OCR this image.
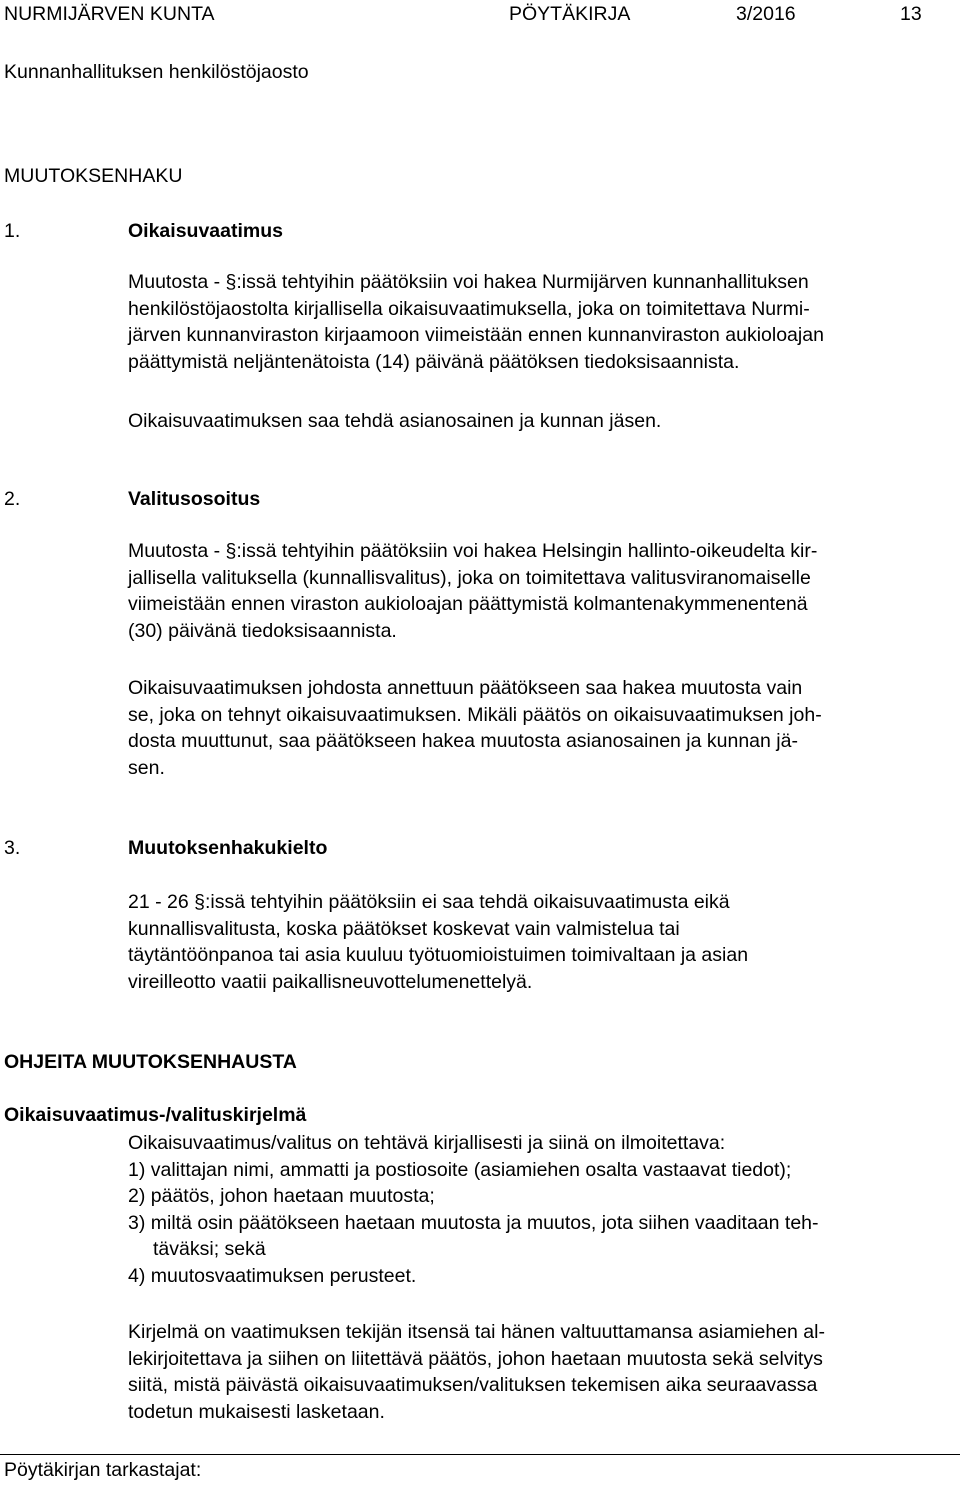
NURMIJÄRVEN KUNTA	PÖYTÄKIRJA	3/2016	13
Kunnanhallituksen henkilöstöjaosto
MUUTOKSENHAKU
1.	Oikaisuvaatimus
Muutosta - §:issä tehtyihin päätöksiin voi hakea Nurmijärven kunnanhallituksen
henkilöstöjaostolta kirjallisella oikaisuvaatimuksella, joka on toimitettava Nurmi-
järven kunnanviraston kirjaamoon viimeistään ennen kunnanviraston aukioloajan
päättymistä neljäntenätoista (14) päivänä päätöksen tiedoksisaannista.
Oikaisuvaatimuksen saa tehdä asianosainen ja kunnan jäsen.
2.	Valitusosoitus
Muutosta - §:issä tehtyihin päätöksiin voi hakea Helsingin hallinto-oikeudelta kir-
jallisella valituksella (kunnallisvalitus), joka on toimitettava valitusviranomaiselle
viimeistään ennen viraston aukioloajan päättymistä kolmantenakymmenentenä
(30) päivänä tiedoksisaannista.
Oikaisuvaatimuksen johdosta annettuun päätökseen saa hakea muutosta vain
se, joka on tehnyt oikaisuvaatimuksen. Mikäli päätös on oikaisuvaatimuksen joh-
dosta muuttunut, saa päätökseen hakea muutosta asianosainen ja kunnan jä-
sen.
3.	Muutoksenhakukielto
21 - 26 §:issä tehtyihin päätöksiin ei saa tehdä oikaisuvaatimusta eikä
kunnallisvalitusta, koska päätökset koskevat vain valmistelua tai
täytäntöönpanoa tai asia kuuluu työtuomioistuimen toimivaltaan ja asian
vireilleotto vaatii paikallisneuvottelumenettelyä.
OHJEITA MUUTOKSENHAUSTA
Oikaisuvaatimus-/valituskirjelmä
Oikaisuvaatimus/valitus on tehtävä kirjallisesti ja siinä on ilmoitettava:
1) valittajan nimi, ammatti ja postiosoite (asiamiehen osalta vastaavat tiedot);
2) päätös, johon haetaan muutosta;
3) miltä osin päätökseen haetaan muutosta ja muutos, jota siihen vaaditaan teh-
täväksi; sekä
4) muutosvaatimuksen perusteet.
Kirjelmä on vaatimuksen tekijän itsensä tai hänen valtuuttamansa asiamiehen al-
lekirjoitettava ja siihen on liitettävä päätös, johon haetaan muutosta sekä selvitys
siitä, mistä päivästä oikaisuvaatimuksen/valituksen tekemisen aika seuraavassa
todetun mukaisesti lasketaan.
Pöytäkirjan tarkastajat:
